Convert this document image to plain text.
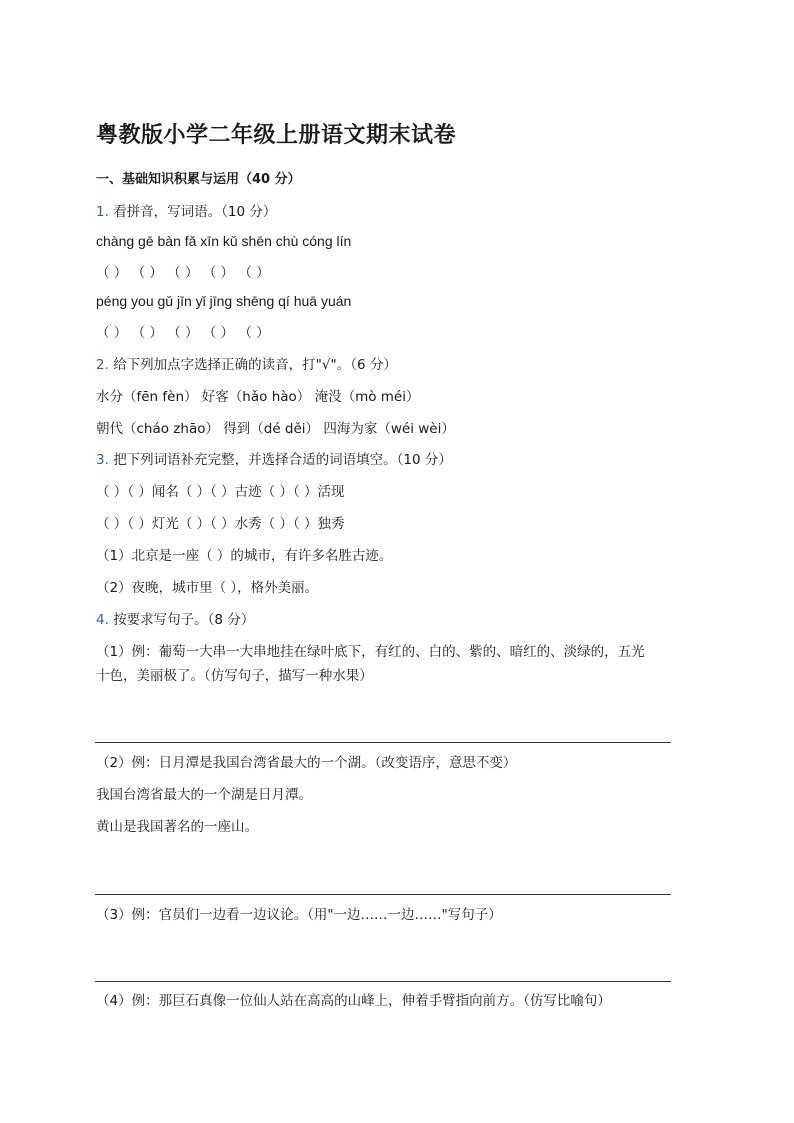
粤教版小学二年级上册语文期末试卷
一、基础知识积累与运用（40 分）
1. 看拼音，写词语。（10 分）
chàng gē bàn fǎ xīn kǔ shēn chù cóng lín
（ ） （ ） （ ） （ ） （ ）
péng you gǔ jīn yǐ jīng shēng qí huā yuán
（ ） （ ） （ ） （ ） （ ）
2. 给下列加点字选择正确的读音，打"√"。（6 分）
水分（fēn fèn） 好客（hǎo hào） 淹没（mò méi）
朝代（cháo zhāo） 得到（dé děi） 四海为家（wéi wèi）
3. 把下列词语补充完整，并选择合适的词语填空。（10 分）
（ ）（ ）闻名（ ）（ ）古迹（ ）（ ）活现
（ ）（ ）灯光（ ）（ ）水秀（ ）（ ）独秀
（1）北京是一座（ ）的城市，有许多名胜古迹。
（2）夜晚，城市里（ ），格外美丽。
4. 按要求写句子。（8 分）
（1）例：葡萄一大串一大串地挂在绿叶底下，有红的、白的、紫的、暗红的、淡绿的，五光
十色，美丽极了。（仿写句子，描写一种水果）
（2）例：日月潭是我国台湾省最大的一个湖。（改变语序，意思不变）
我国台湾省最大的一个湖是日月潭。
黄山是我国著名的一座山。
（3）例：官员们一边看一边议论。（用"一边……一边……"写句子）
（4）例：那巨石真像一位仙人站在高高的山峰上，伸着手臂指向前方。（仿写比喻句）
